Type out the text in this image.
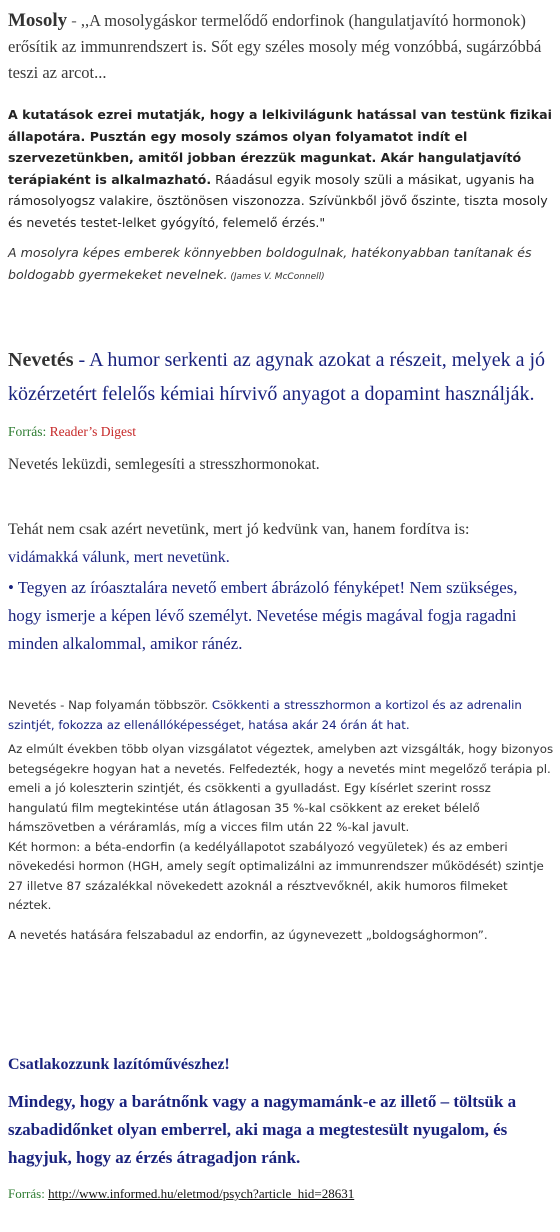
Mosoly - ,,A mosolygáskor termelődő endorfinok (hangulatjavító hormonok) erősítik az immunrendszert is. Sőt egy széles mosoly még vonzóbbá, sugárzóbbá teszi az arcot...

A kutatások ezrei mutatják, hogy a lelkivilágunk hatással van testünk fizikai állapotára. Pusztán egy mosoly számos olyan folyamatot indít el szervezetünkben, amitől jobban érezzük magunkat. Akár hangulatjavító terápiaként is alkalmazható. Ráadásul egyik mosoly szüli a másikat, ugyanis ha rámosolyogsz valakire, ösztönösen viszonozza. Szívünkből jövő őszinte, tiszta mosoly és nevetés testet-lelket gyógyító, felemelő érzés."

A mosolyra képes emberek könnyebben boldogulnak, hatékonyabban tanítanak és boldogabb gyermekeket nevelnek. (James V. McConnell)

Nevetés - A humor serkenti az agynak azokat a részeit, melyek a jó közérzetért felelős kémiai hírvivő anyagot a dopamint használják. Forrás: Reader’s Digest

Nevetés leküzdi, semlegesíti a stresszhormonokat.

Tehát nem csak azért nevetünk, mert jó kedvünk van, hanem fordítva is:

vidámakká válunk, mert nevetünk.

• Tegyen az íróasztalára nevető embert ábrázoló fényképet! Nem szükséges, hogy ismerje a képen lévő személyt. Nevetése mégis magával fogja ragadni minden alkalommal, amikor ránéz.

Nevetés - Nap folyamán többször. Csökkenti a stresszhormon a kortizol és az adrenalin szintjét, fokozza az ellenállóképességet, hatása akár 24 órán át hat.

Az elmúlt években több olyan vizsgálatot végeztek, amelyben azt vizsgálták, hogy bizonyos betegségekre hogyan hat a nevetés. Felfedezték, hogy a nevetés mint megelőző terápia pl. emeli a jó koleszterin szintjét, és csökkenti a gyulladást. Egy kísérlet szerint rossz hangulatú film megtekintése után átlagosan 35 %-kal csökkent az ereket bélelő hámszövetben a véráramlás, míg a vicces film után 22 %-kal javult.

Két hormon: a béta-endorfin (a kedélyállapotot szabályozó vegyületek) és az emberi növekedési hormon (HGH, amely segít optimalizálni az immunrendszer működését) szintje 27 illetve 87 százalékkal növekedett azoknál a résztvevőknél, akik humoros filmeket néztek.

A nevetés hatására felszabadul az endorfin, az úgynevezett „boldogsághormon”.

Csatlakozzunk lazítóművészhez!

Mindegy, hogy a barátnőnk vagy a nagymamánk-e az illető – töltsük a szabadidőnket olyan emberrel, aki maga a megtestesült nyugalom, és hagyjuk, hogy az érzés átragadjon ránk.

Forrás: http://www.informed.hu/eletmod/psych?article_hid=28631
